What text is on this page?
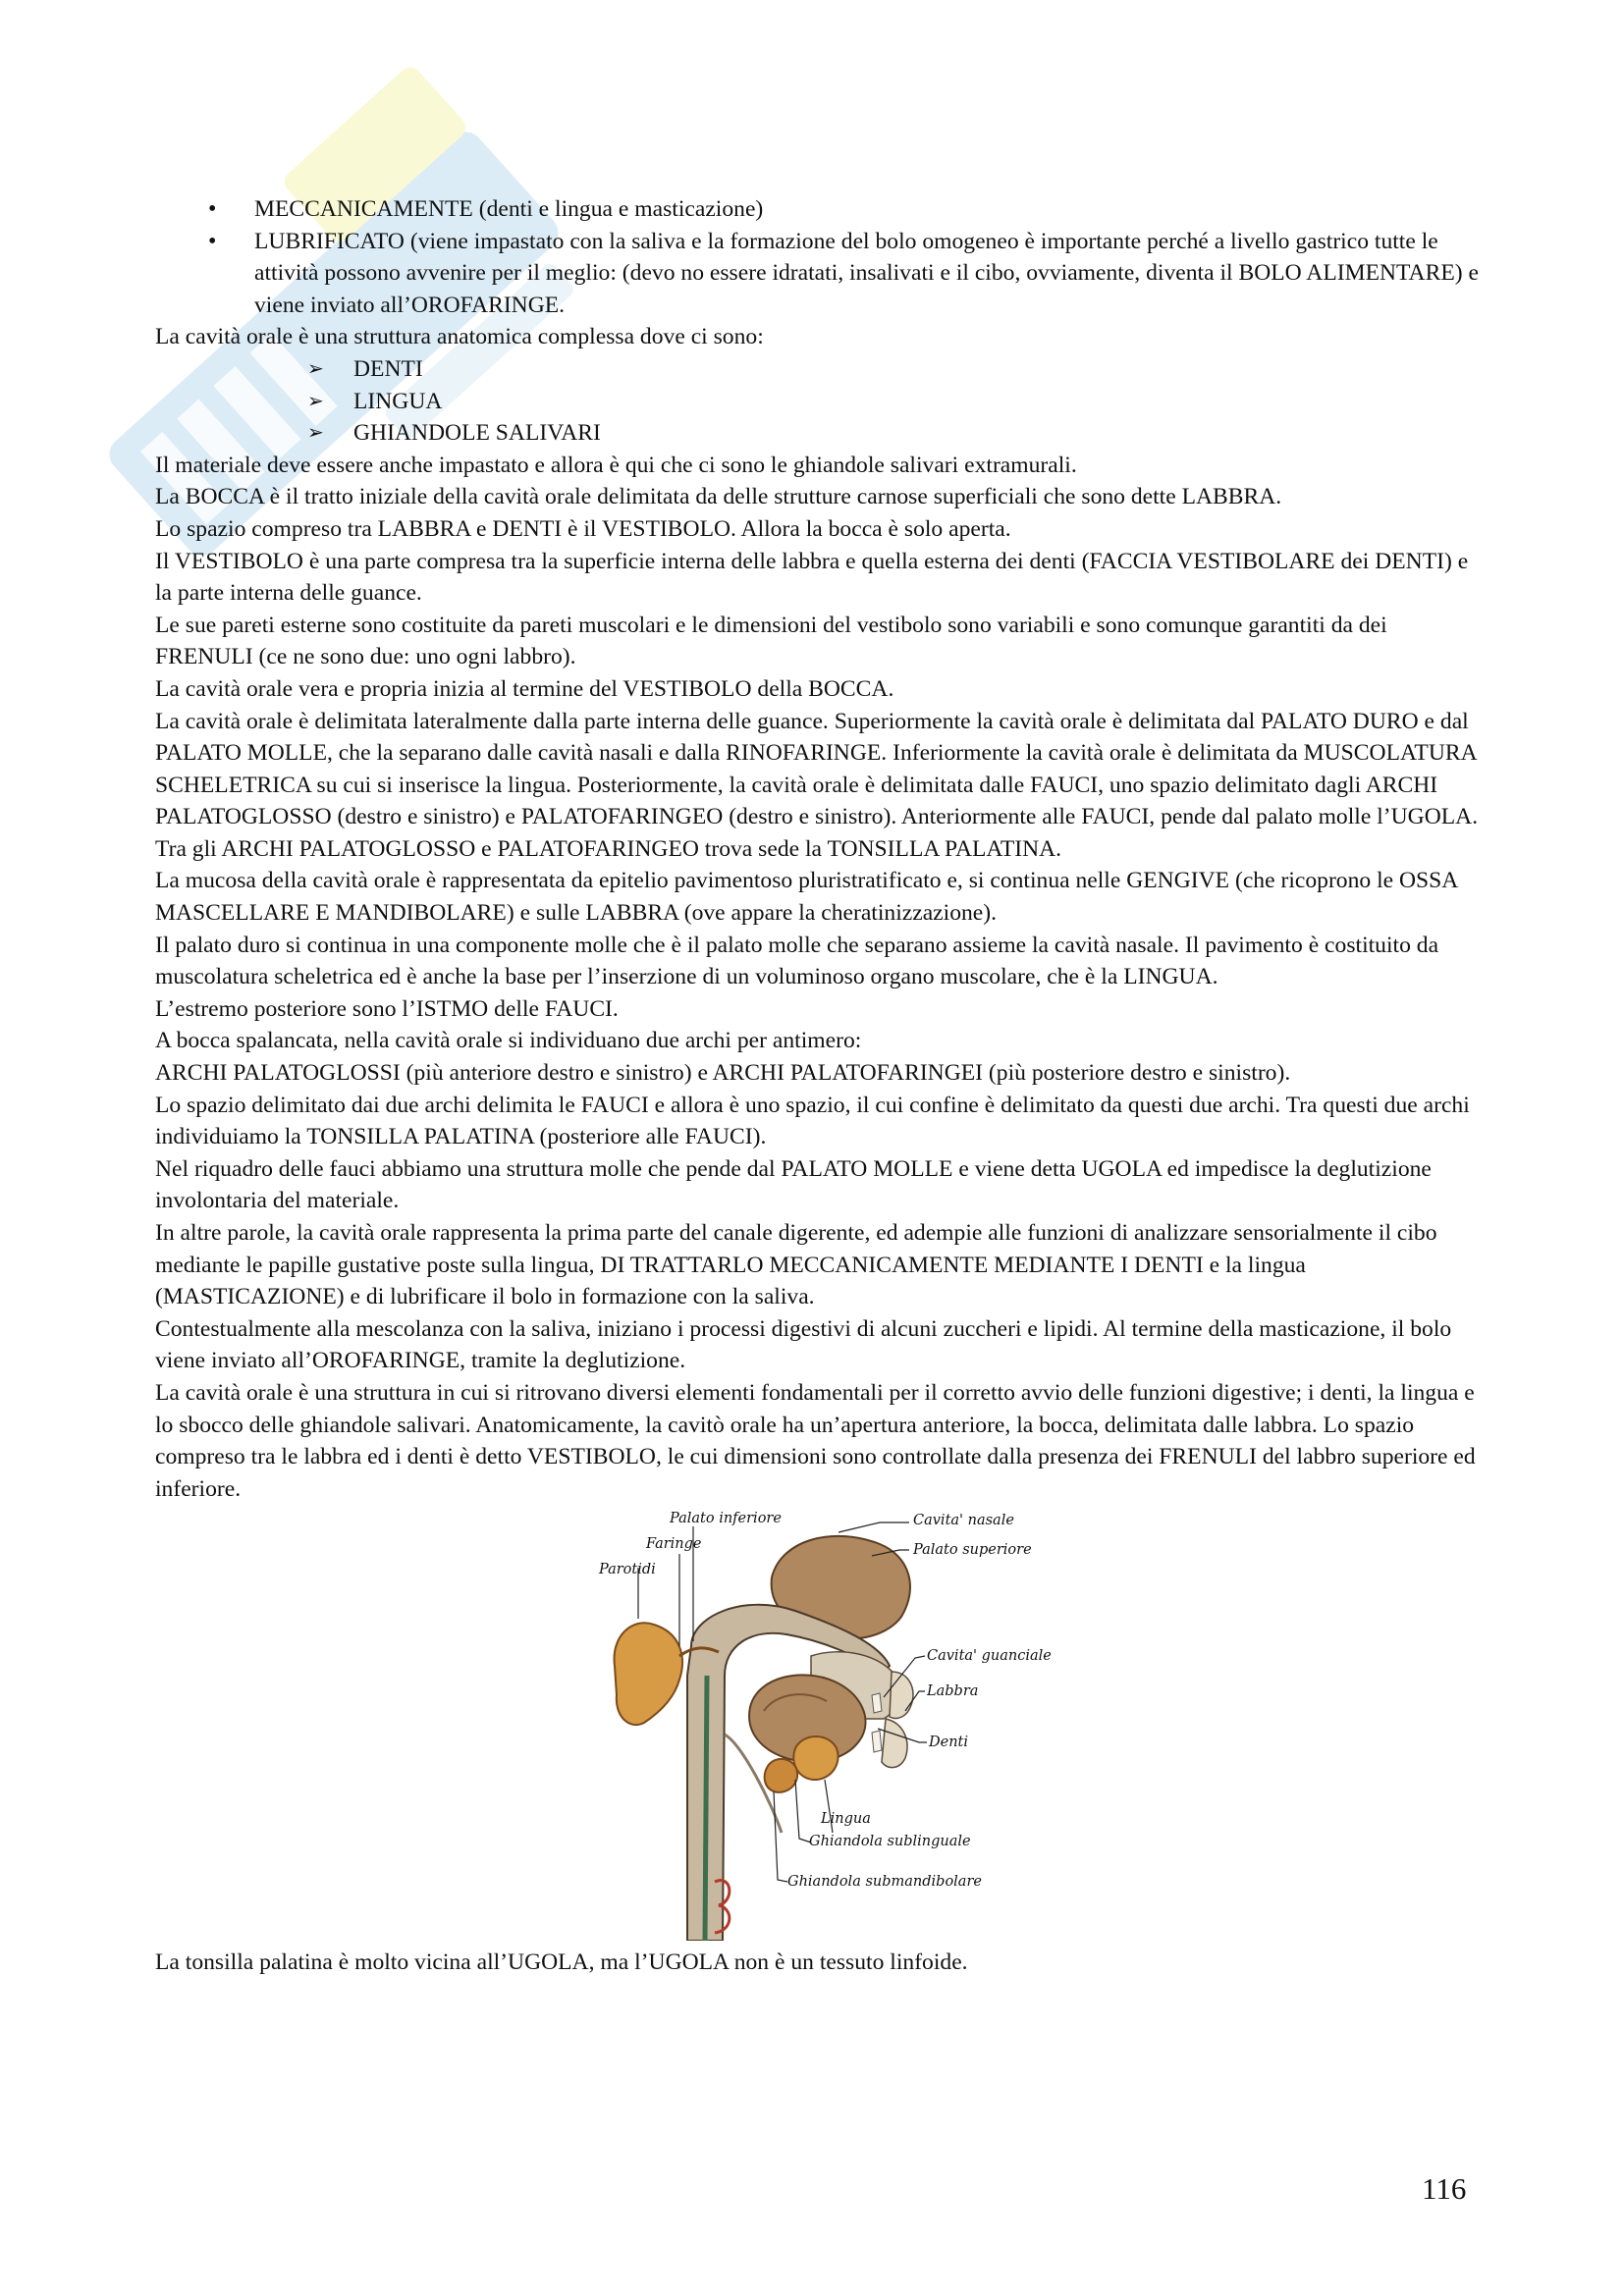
• MECCANICAMENTE (denti e lingua e masticazione)
• LUBRIFICATO (viene impastato con la saliva e la formazione del bolo omogeneo è importante perché a livello gastrico tutte le attività possono avvenire per il meglio: (devo no essere idratati, insalivati e il cibo, ovviamente, diventa il BOLO ALIMENTARE) e viene inviato all’OROFARINGE.

La cavità orale è una struttura anatomica complessa dove ci sono:

➢ DENTI
➢ LINGUA
➢ GHIANDOLE SALIVARI

Il materiale deve essere anche impastato e allora è qui che ci sono le ghiandole salivari extramurali.

La BOCCA è il tratto iniziale della cavità orale delimitata da delle strutture carnose superficiali che sono dette LABBRA.

Lo spazio compreso tra LABBRA e DENTI è il VESTIBOLO. Allora la bocca è solo aperta.

Il VESTIBOLO è una parte compresa tra la superficie interna delle labbra e quella esterna dei denti (FACCIA VESTIBOLARE dei DENTI) e la parte interna delle guance.

Le sue pareti esterne sono costituite da pareti muscolari e le dimensioni del vestibolo sono variabili e sono comunque garantiti da dei FRENULI (ce ne sono due: uno ogni labbro).

La cavità orale vera e propria inizia al termine del VESTIBOLO della BOCCA.

La cavità orale è delimitata lateralmente dalla parte interna delle guance. Superiormente la cavità orale è delimitata dal PALATO DURO e dal PALATO MOLLE, che la separano dalle cavità nasali e dalla RINOFARINGE. Inferiormente la cavità orale è delimitata da MUSCOLATURA SCHELETRICA su cui si inserisce la lingua. Posteriormente, la cavità orale è delimitata dalle FAUCI, uno spazio delimitato dagli ARCHI PALATOGLOSSO (destro e sinistro) e PALATOFARINGEO (destro e sinistro). Anteriormente alle FAUCI, pende dal palato molle l’UGOLA. Tra gli ARCHI PALATOGLOSSO e PALATOFARINGEO trova sede la TONSILLA PALATINA.

La mucosa della cavità orale è rappresentata da epitelio pavimentoso pluristratificato e, si continua nelle GENGIVE (che ricoprono le OSSA MASCELLARE E MANDIBOLARE) e sulle LABBRA (ove appare la cheratinizzazione).

Il palato duro si continua in una componente molle che è il palato molle che separano assieme la cavità nasale. Il pavimento è costituito da muscolatura scheletrica ed è anche la base per l’inserzione di un voluminoso organo muscolare, che è la LINGUA.

L’estremo posteriore sono l’ISTMO delle FAUCI.

A bocca spalancata, nella cavità orale si individuano due archi per antimero:

ARCHI PALATOGLOSSI (più anteriore destro e sinistro) e ARCHI PALATOFARINGEI (più posteriore destro e sinistro).

Lo spazio delimitato dai due archi delimita le FAUCI e allora è uno spazio, il cui confine è delimitato da questi due archi. Tra questi due archi individuiamo la TONSILLA PALATINA (posteriore alle FAUCI).

Nel riquadro delle fauci abbiamo una struttura molle che pende dal PALATO MOLLE e viene detta UGOLA ed impedisce la deglutizione involontaria del materiale.

In altre parole, la cavità orale rappresenta la prima parte del canale digerente, ed adempie alle funzioni di analizzare sensorialmente il cibo mediante le papille gustative poste sulla lingua, DI TRATTARLO MECCANICAMENTE MEDIANTE I DENTI e la lingua (MASTICAZIONE) e di lubrificare il bolo in formazione con la saliva.

Contestualmente alla mescolanza con la saliva, iniziano i processi digestivi di alcuni zuccheri e lipidi. Al termine della masticazione, il bolo viene inviato all’OROFARINGE, tramite la deglutizione.

La cavità orale è una struttura in cui si ritrovano diversi elementi fondamentali per il corretto avvio delle funzioni digestive; i denti, la lingua e lo sbocco delle ghiandole salivari. Anatomicamente, la cavitò orale ha un’apertura anteriore, la bocca, delimitata dalle labbra. Lo spazio compreso tra le labbra ed i denti è detto VESTIBOLO, le cui dimensioni sono controllate dalla presenza dei FRENULI del labbro superiore ed inferiore.

Palato inferiore
Faringe
Parotidi
Cavita' nasale
Palato superiore
Cavita' guanciale
Labbra
Denti
Lingua
Ghiandola sublinguale
Ghiandola submandibolare

La tonsilla palatina è molto vicina all’UGOLA, ma l’UGOLA non è un tessuto linfoide.

116
